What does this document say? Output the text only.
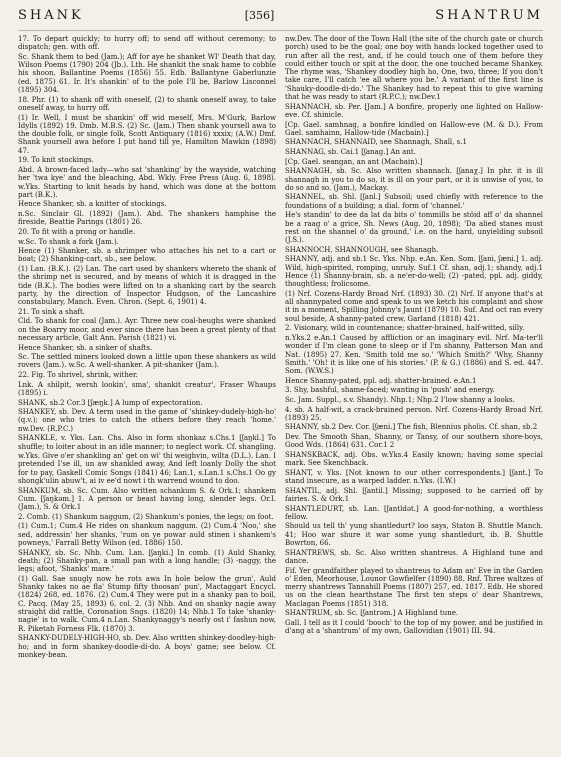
SHANK	[356]	SHANTRUM

17. To depart quickly; to hurry off; to send off without ceremony; to dispatch; gen. with off.

Sc. Shank them to bed (Jam.); Aff for aye he shanket WI' Death that day, Wilson Poems (1790) 204 (Jb.). Lth. He shankit the snak hame to cobble his shoon, Ballantine Poems (1856) 55. Edb. Ballantyne Gaberlunzie (ed. 1875) 61. Ir. It's shankin' of to the pole I'll be, Barlow Lisconnel (1895) 304.

18. Phr. (1) to shank off with oneself, (2) to shank oneself away, to take oneself away, to hurry off.

(1) Ir. Well, I must be shankin' off wid meself, Mrs. M'Gurk, Barlow Idylls (1892) 19. Dmb. M.B.S. (2) Sc. (Jam.) Then shank yoursell awa to the double folk, or single folk, Scott Antiquary (1816) xxxix; (A.W.) Dmf. Shank yoursell awa before I put hand till ye, Hamilton Mawkin (1898) 47.

19. To knit stockings.

Abd. A brown-faced lady—who sat 'shanking' by the wayside, watching her 'twa kye' and the bleaching, Abd. Wkly. Free Press (Aug. 6, 1898). w.Yks. Starting to knit heads by hand, which was done at the bottom part (B.K.).

Hence Shanker, sb. a knitter of stockings.

n.Sc. Sinclair Gl. (1892) (Jam.). Abd. The shankers hamphise the fireside, Beattie Parings (1801) 26.

20. To fit with a prong or handle.

w.Sc. To shank a fork (Jam.).

Hence (1) Shanker, sb. a shrimper who attaches his net to a cart or boat; (2) Shanking-cart, sb., see below.

(1) Lan. (B.K.). (2) Lan. The cart used by shankers whereto the shank of the shrimp net is secured, and by means of which it is dragged in the tide (B.K.). The bodies were lifted on to a shanking cart by the search party, by the direction of Inspector Hudgson, of the Lancashire constabulary, Manch. Even. Chron. (Sept. 6, 1901) 4.

21. To sink a shaft.

Cld. To shank for coal (Jam.). Ayr. Three new coal-heughs were shanked on the Boarry moor, and ever since there has been a great plenty of that necessary article, Galt Ann. Parish (1821) vi.

Hence Shanker, sb. a sinker of shafts.

Sc. The settled miners looked down a little upon these shankers as wild rovers (Jam.). w.Sc. A well-shanker. A pit-shanker (Jam.).

22. Fig. To shrivel, shrink, wither.

Lnk. A shilpit, wersh lookin', sma', shankit creatur', Fraser Whaups (1895) i.

SHANK, sb.2 Cor.3 [ʃæŋk.] A lump of expectoration.

SHANKEY, sb. Dev. A term used in the game of 'shinkey-dudely-high-ho' (q.v.); one who tries to catch the others before they reach 'home.' nw.Dev. (R.P.C.)

SHANKLE, v. Yks. Lan. Chs. Also in form shonkaz s.Chs.1 [ʃaŋkl.] To shuffle; to loiter about in an idle manner; to neglect work. Cf. shangling.

w.Yks. Give o'er shankling an' get on wi' thi weighvin, wilta (D.L.). Lan. I pretended I'se ill, un aw shankled away, And left loanly Dolly the shot for to pay, Gaskell Comic Songs (1841) 46; Lan.1, s.Lan.1 s.Chs.1 Oo gy shongk'ulin abuw't, ai iv ee'd nowt i th warrend wound to doo.

SHANKUM, sb. Sc. Cum. Also written schankum S. & Ork.1; shankem Cum. [ʃaŋkəm.] 1. A person or beast having long, slender legs. Or.I. (Jam.), S. & Ork.1

2. Comb. (1) Shankum naggum, (2) Shankum's ponies, the legs; on foot.

(1) Cum.1; Cum.4 He rides on shankum naggum. (2) Cum.4 'Noo,' she sed, addressin' her shanks, 'rum on ye powar auld stinen i shankem's powneys,' Farrall Betty Wilson (ed. 1886) 150.

SHANKY, sb. Sc. Nhb. Cum. Lan. [ʃaŋki.] In comb. (1) Auld Shanky, death; (2) Shanky-pan, a small pan with a long handle; (3) -naggy, the legs; afoot, 'Shanks' mare.'

(1) Gall. Sae snugly now he rots awa In hole below the grun', Auld Shanky takes no ae fla' Stump fifty thoosan' pun', Mactaggart Encycl. (1824) 268, ed. 1876. (2) Cum.4 They were put in a shanky pan to boil, C. Pacq. (May 25, 1893) 6, col. 2. (3) Nhb. And on shanky nagie away straight did rattle, Coronation Sngs. (1820) 14; Nhb.1 To take 'shanky-nagie' is to walk. Cum.4 n.Lan. Shankynaggy's nearly ost i' fashun now, R. Piketah Forness Flk. (1870) 3.

SHANKY-DUDELY-HIGH-HO, sb. Dev. Also written shinkey-doodley-high-ho; and in form shankey-doodle-di-do. A boys' game; see below. Cf. monkey-bean.

nw.Dev. The door of the Town Hall (the site of the church gate or church porch) used to be the goal; one boy with hands locked together used to run after all the rest, and, if he could touch one of them before they could either touch or spit at the door, the one touched became Shankey. The rhyme was, 'Shankey doodley high ho, One, two, three; If you don't take care, I'll catch 'ee all where you be.' A variant of the first line is 'Shauky-doodle-di-do.' The Shankey had to repeat this to give warning that he was ready to start (R.P.C.); nw.Dev.1

SHANNACH, sb. Per. [Jam.] A bonfire, properly one lighted on Hallow-eve. Cf. shinicle.

[Cp. Gael. samhnag, a bonfire kindled on Hallow-eve (M. & D.). From Gael. samhainn, Hallow-tide (Macbain).]

SHANNACH, SHANNAID, see Shannagh, Shall, s.1

SHANNAG, sb. Cai.1 [ʃanag.] An ant.

[Cp. Gael. seangan, an ant (Macbain).]

SHANNAGH, sb. Sc. Also written shannach. [ʃanaχ.] In phr. it is ill shannagh in you to do so, it is ill on your part, or it is unwise of you, to do so and so. (Jam.), Mackay.

SHANNEL, sb. Shl. [ʃanl.] Subsoil; used chiefly with reference to the foundations of a building; a dial. form of 'channel.'

He's standin' to dee da lat da bits o' tommills be stöid aff o' da shannel be a raag o' a grice, Sh. News (Aug. 20, 1898); 'Da alied stanes must rest on the shannel o' da ground,' i.e. on the hard, unyielding subsoil (J.S.).

SHANNOCH, SHANNOUGH, see Shanagh.

SHANNY, adj. and sb.1 Sc. Yks. Nhp. e.An. Ken. Som. [ʃani, ʃæni.] 1. adj. Wild, high-spirited, romping, unruly. Suf.1 Cf. shan, adj.1; shandy, adj.1 Hence (1) Shanny-brain, sb. a ne'er-do-well; (2) -pated, ppl. adj. giddy, thoughtless; frolicsome.

(1) Nrf. Cozens-Hardy Broad Nrf. (1893) 30. (2) Nrf. If anyone that's at all shannypated come and speak to us we ketch his complaint and show it in a moment, Spilling Johnny's Jaunt (1879) 10. Suf. And oct ran every soul beside, A shanny-pated crew, Garland (1818) 421.

2. Visionary, wild in countenance; shatter-brained, half-witted, silly.

n.Yks.2 e.An.1 Caused by affliction or an imaginary evil. Nrf. Ma-ter'll wonder if I'm clean gone to sleep or if I'm shanny, Patterson Man and Nat. (1895) 27. Ken. 'Smith told me so.' 'Which Smith?' 'Why, Shanny Smith.' 'Oh! it is like one of his stories.' (P. & G.) (1886) and S. ed. 447. Som. (W.W.S.)

Hence Shanny-pated, ppl. adj. shatter-brained. e.An.1

3. Shy, bashful, shame-faced; wanting in 'push' and energy.

Sc. Jam. Suppl., s.v. Shandy). Nhp.1; Nhp.2 I'low shanny a looks.

4. sb. A half-wit, a crack-brained person. Nrf. Cozens-Hardy Broad Nrf. (1893) 25.

SHANNY, sb.2 Dev. Cor. [ʃæni.] The fish, Blennius pholis. Cf. shan, sb.2

Dev. The Smooth Shan, Shanny, or Tansy, of our southern shore-boys, Good Wds. (1864) 631. Cor.1 2

SHANSKBACK, adj. Obs. w.Yks.4 Easily known; having some special mark. See Skenchback.

SHANT, v. Yks. [Not known to our other correspondents.] [ʃant.] To stand insecure, as a warped ladder. n.Yks. (I.W.)

SHANTIL, adj. Shl. [ʃantil.] Missing; supposed to be carried off by fairies. S. & Ork.1

SHANTLEDURT, sb. Lan. [ʃantldət.] A good-for-nothing, a worthless fellow.

Should us tell th' yung shantledurt? loo says, Staton B. Shuttle Manch. 41; Hoo war shure it war some yung shantledurt, ib. B. Shuttle Bowrton, 66.

SHANTREWS, sb. Sc. Also written shantreus. A Highland tune and dance.

Fif. Yer grandfaither played to shantreus to Adam an' Eve in the Garden o' Eden, Meorhouse, Lounor Gowfielfer (1890) 88. Rnf. Three waltzes of merry shantrews Tannahill Poems (1807) 257, ed. 1817. Edb. He shored us on the clean hearthstane The first ten steps o' dear Shantrews, Maclagan Poems (1851) 318.

SHANTRUM, sb. Sc. [ʃantrəm.] A Highland tune.

Gall. I tell as it I could 'booch' to the top of my power, and be justified in d'ang at a 'shantrum' of my own, Gallovidian (1901) III. 94.
